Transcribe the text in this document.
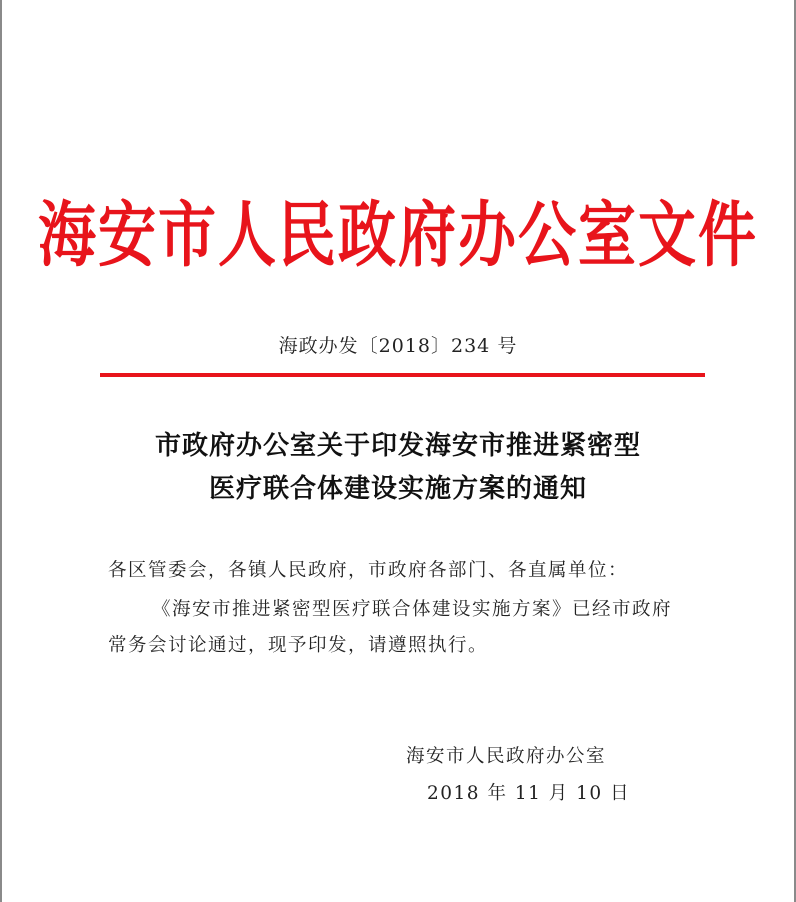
海安市人民政府办公室文件
海政办发〔2018〕234 号
市政府办公室关于印发海安市推进紧密型
医疗联合体建设实施方案的通知
各区管委会，各镇人民政府，市政府各部门、各直属单位：
《海安市推进紧密型医疗联合体建设实施方案》已经市政府
常务会讨论通过，现予印发，请遵照执行。
海安市人民政府办公室
2018 年 11 月 10 日
